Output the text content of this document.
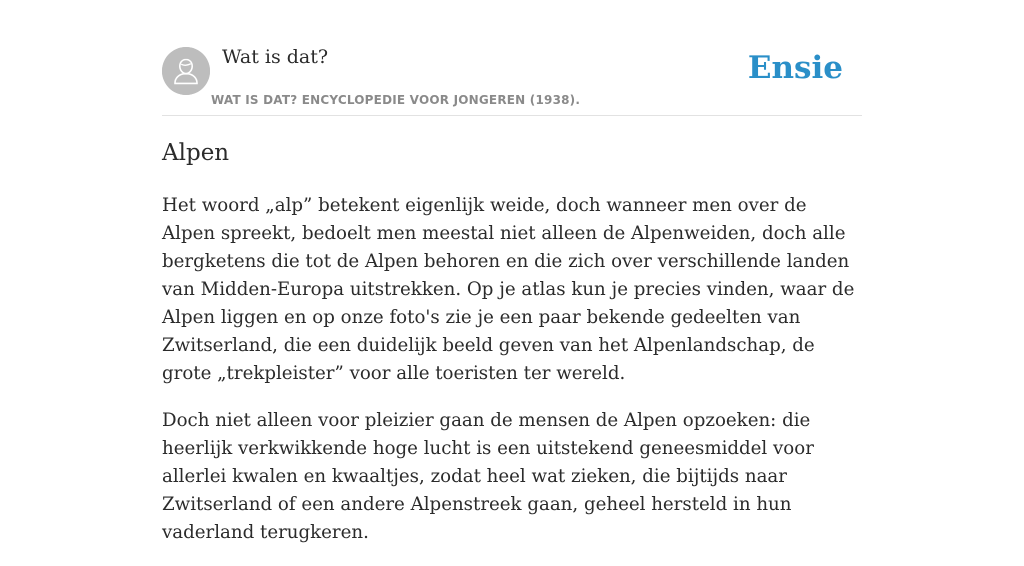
Wat is dat?
WAT IS DAT? ENCYCLOPEDIE VOOR JONGEREN (1938).
Ensie
Alpen

Het woord „alp” betekent eigenlijk weide, doch wanneer men over de Alpen spreekt, bedoelt men meestal niet alleen de Alpenweiden, doch alle bergketens die tot de Alpen behoren en die zich over verschillende landen van Midden-Europa uitstrekken. Op je atlas kun je precies vinden, waar de Alpen liggen en op onze foto's zie je een paar bekende gedeelten van Zwitserland, die een duidelijk beeld geven van het Alpenlandschap, de grote „trekpleister” voor alle toeristen ter wereld.

Doch niet alleen voor pleizier gaan de mensen de Alpen opzoeken: die heerlijk verkwikkende hoge lucht is een uitstekend geneesmiddel voor allerlei kwalen en kwaaltjes, zodat heel wat zieken, die bijtijds naar Zwitserland of een andere Alpenstreek gaan, geheel hersteld in hun vaderland terugkeren.
